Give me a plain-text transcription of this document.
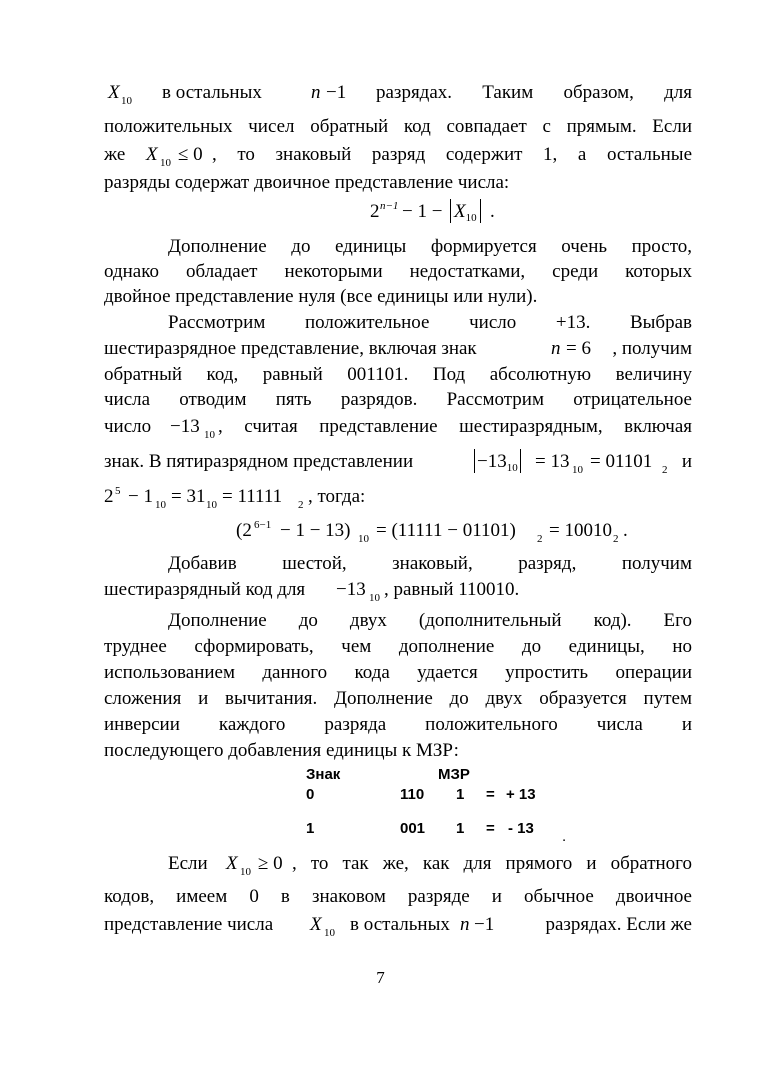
X 10 в остальных	n −1 разрядах. Таким образом, для
положительных чисел обратный код совпадает с прямым. Если
же X 10 ≤ 0 , то знаковый разряд содержит 1, а остальные
разряды содержат двоичное представление числа:
2 $n-1 - 1 - X_{10}$ .
Дополнение до единицы формируется очень просто,
однако обладает некоторыми недостатками, среди которых
двойное представление нуля (все единицы или нули).
Рассмотрим положительное число +13. Выбрав
шестиразрядное представление, включая знак	n = 6 , получим
обратный код, равный 001101. Под абсолютную величину
числа отводим пять разрядов. Рассмотрим отрицательное
число −13 10 , считая представление шестиразрядным, включая
знак. В пятиразрядном представлении	$-13_{10} = 13$ 10 = 01101 2 и
2 5 − 1 10 = 31 10 = 11111 2 , тогда:
(2 6−1 − 1 − 13) 10 = (11111 − 01101) 2 = 10010 2 .
Добавив шестой, знаковый, разряд, получим
шестиразрядный код для −13 10 , равный 110010.
Дополнение до двух (дополнительный код). Его
труднее сформировать, чем дополнение до единицы, но
использованием данного кода удается упростить операции
сложения и вычитания. Дополнение до двух образуется путем
инверсии каждого разряда положительного числа и
последующего добавления единицы к МЗР:
Знак	МЗР
0	110 1 = + 13
1	001 1 = - 13 .
Если X 10 ≥ 0 , то так же, как для прямого и обратного
кодов, имеем 0 в знаковом разряде и обычное двоичное
представление числа X 10 в остальных n −1	разрядах. Если же
7
